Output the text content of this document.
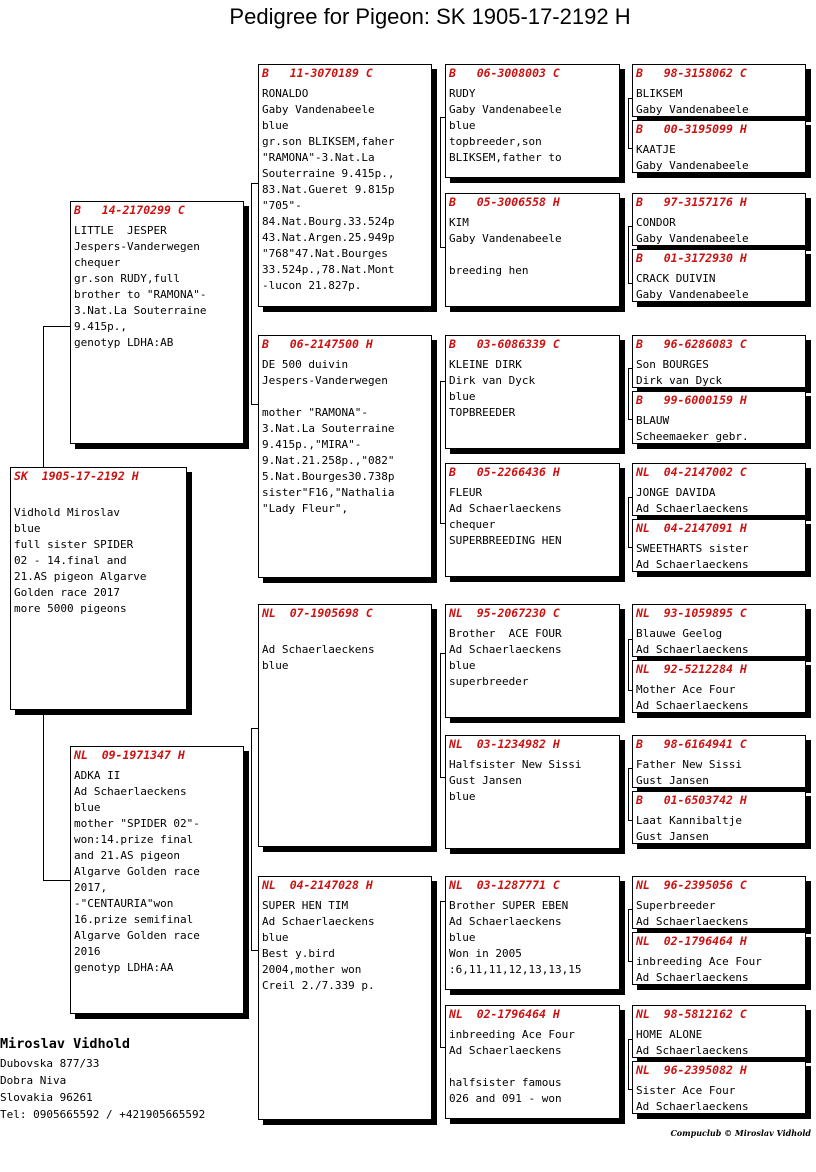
Pedigree for Pigeon: SK 1905-17-2192 H
SK  1905-17-2192 H

Vidhold Miroslav
blue
full sister SPIDER
02 - 14.final and
21.AS pigeon Algarve
Golden race 2017
more 5000 pigeons
B   14-2170299 C
LITTLE  JESPER
Jespers-Vanderwegen
chequer
gr.son RUDY,full
brother to "RAMONA"-
3.Nat.La Souterraine
9.415p.,
genotyp LDHA:AB
NL  09-1971347 H
ADKA II
Ad Schaerlaeckens
blue
mother "SPIDER 02"-
won:14.prize final
and 21.AS pigeon
Algarve Golden race
2017,
-"CENTAURIA"won
16.prize semifinal
Algarve Golden race
2016
genotyp LDHA:AA
B   11-3070189 C
RONALDO
Gaby Vandenabeele
blue
gr.son BLIKSEM,faher
"RAMONA"-3.Nat.La
Souterraine 9.415p.,
83.Nat.Gueret 9.815p
"705"-
84.Nat.Bourg.33.524p
43.Nat.Argen.25.949p
"768"47.Nat.Bourges
33.524p.,78.Nat.Mont
-lucon 21.827p.
B   06-2147500 H
DE 500 duivin
Jespers-Vanderwegen

mother "RAMONA"-
3.Nat.La Souterraine
9.415p.,"MIRA"-
9.Nat.21.258p.,"082"
5.Nat.Bourges30.738p
sister"F16,"Nathalia
"Lady Fleur",
NL  07-1905698 C

Ad Schaerlaeckens
blue
NL  04-2147028 H
SUPER HEN TIM
Ad Schaerlaeckens
blue
Best y.bird
2004,mother won
Creil 2./7.339 p.
B   06-3008003 C
RUDY
Gaby Vandenabeele
blue
topbreeder,son
BLIKSEM,father to
B   05-3006558 H
KIM
Gaby Vandenabeele

breeding hen
B   03-6086339 C
KLEINE DIRK
Dirk van Dyck
blue
TOPBREEDER
B   05-2266436 H
FLEUR
Ad Schaerlaeckens
chequer
SUPERBREEDING HEN
NL  95-2067230 C
Brother  ACE FOUR
Ad Schaerlaeckens
blue
superbreeder
NL  03-1234982 H
Halfsister New Sissi
Gust Jansen
blue
NL  03-1287771 C
Brother SUPER EBEN
Ad Schaerlaeckens
blue
Won in 2005
:6,11,11,12,13,13,15
NL  02-1796464 H
inbreeding Ace Four
Ad Schaerlaeckens

halfsister famous
026 and 091 - won
B   98-3158062 C
BLIKSEM
Gaby Vandenabeele
B   00-3195099 H
KAATJE
Gaby Vandenabeele
B   97-3157176 H
CONDOR
Gaby Vandenabeele
B   01-3172930 H
CRACK DUIVIN
Gaby Vandenabeele
B   96-6286083 C
Son BOURGES
Dirk van Dyck
B   99-6000159 H
BLAUW
Scheemaeker gebr.
NL  04-2147002 C
JONGE DAVIDA
Ad Schaerlaeckens
NL  04-2147091 H
SWEETHARTS sister
Ad Schaerlaeckens
NL  93-1059895 C
Blauwe Geelog
Ad Schaerlaeckens
NL  92-5212284 H
Mother Ace Four
Ad Schaerlaeckens
B   98-6164941 C
Father New Sissi
Gust Jansen
B   01-6503742 H
Laat Kannibaltje
Gust Jansen
NL  96-2395056 C
Superbreeder
Ad Schaerlaeckens
NL  02-1796464 H
inbreeding Ace Four
Ad Schaerlaeckens
NL  98-5812162 C
HOME ALONE
Ad Schaerlaeckens
NL  96-2395082 H
Sister Ace Four
Ad Schaerlaeckens
Miroslav Vidhold
Dubovska 877/33
Dobra Niva
Slovakia 96261
Tel: 0905665592 / +421905665592
Compuclub © Miroslav Vidhold
